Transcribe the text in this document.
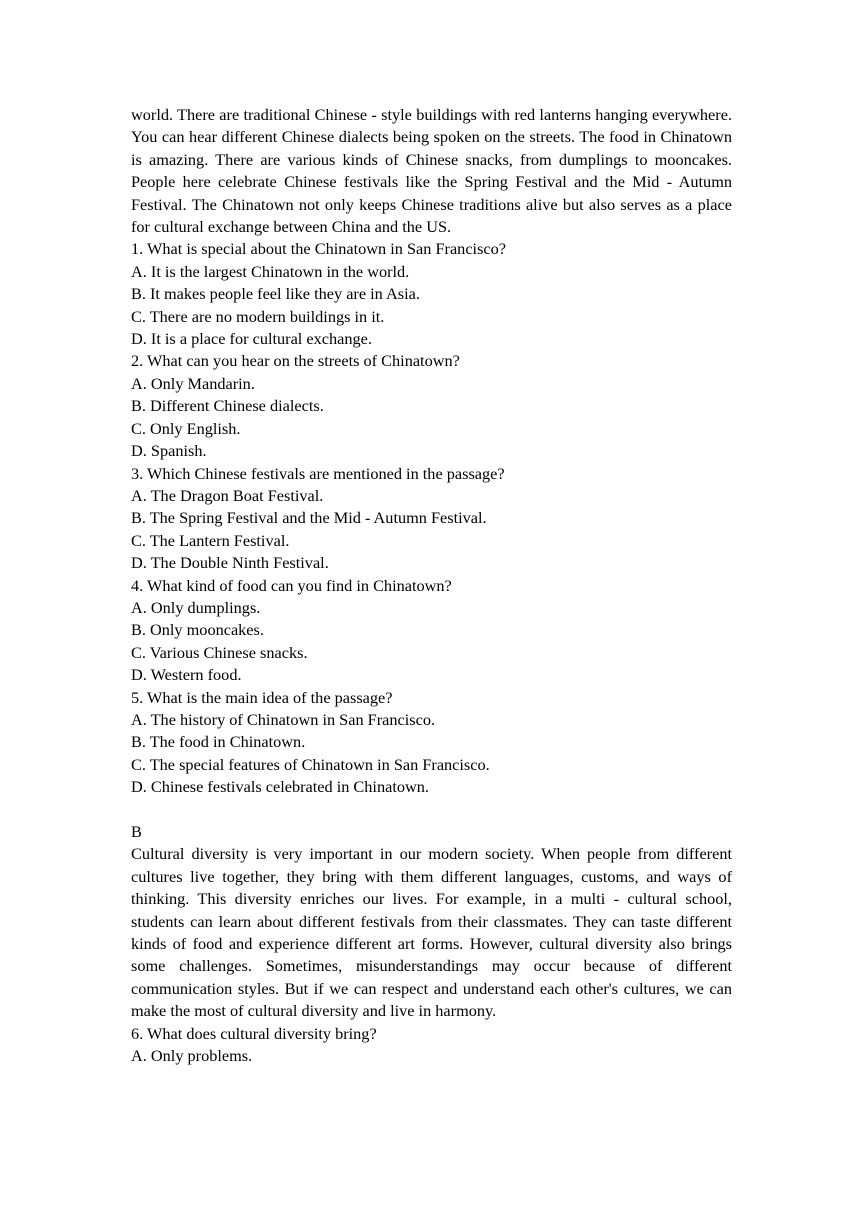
world. There are traditional Chinese - style buildings with red lanterns hanging everywhere. You can hear different Chinese dialects being spoken on the streets. The food in Chinatown is amazing. There are various kinds of Chinese snacks, from dumplings to mooncakes. People here celebrate Chinese festivals like the Spring Festival and the Mid - Autumn Festival. The Chinatown not only keeps Chinese traditions alive but also serves as a place for cultural exchange between China and the US.

1. What is special about the Chinatown in San Francisco?

A. It is the largest Chinatown in the world.

B. It makes people feel like they are in Asia.

C. There are no modern buildings in it.

D. It is a place for cultural exchange.

2. What can you hear on the streets of Chinatown?

A. Only Mandarin.

B. Different Chinese dialects.

C. Only English.

D. Spanish.

3. Which Chinese festivals are mentioned in the passage?

A. The Dragon Boat Festival.

B. The Spring Festival and the Mid - Autumn Festival.

C. The Lantern Festival.

D. The Double Ninth Festival.

4. What kind of food can you find in Chinatown?

A. Only dumplings.

B. Only mooncakes.

C. Various Chinese snacks.

D. Western food.

5. What is the main idea of the passage?

A. The history of Chinatown in San Francisco.

B. The food in Chinatown.

C. The special features of Chinatown in San Francisco.

D. Chinese festivals celebrated in Chinatown.

B

Cultural diversity is very important in our modern society. When people from different cultures live together, they bring with them different languages, customs, and ways of thinking. This diversity enriches our lives. For example, in a multi - cultural school, students can learn about different festivals from their classmates. They can taste different kinds of food and experience different art forms. However, cultural diversity also brings some challenges. Sometimes, misunderstandings may occur because of different communication styles. But if we can respect and understand each other's cultures, we can make the most of cultural diversity and live in harmony.

6. What does cultural diversity bring?

A. Only problems.
